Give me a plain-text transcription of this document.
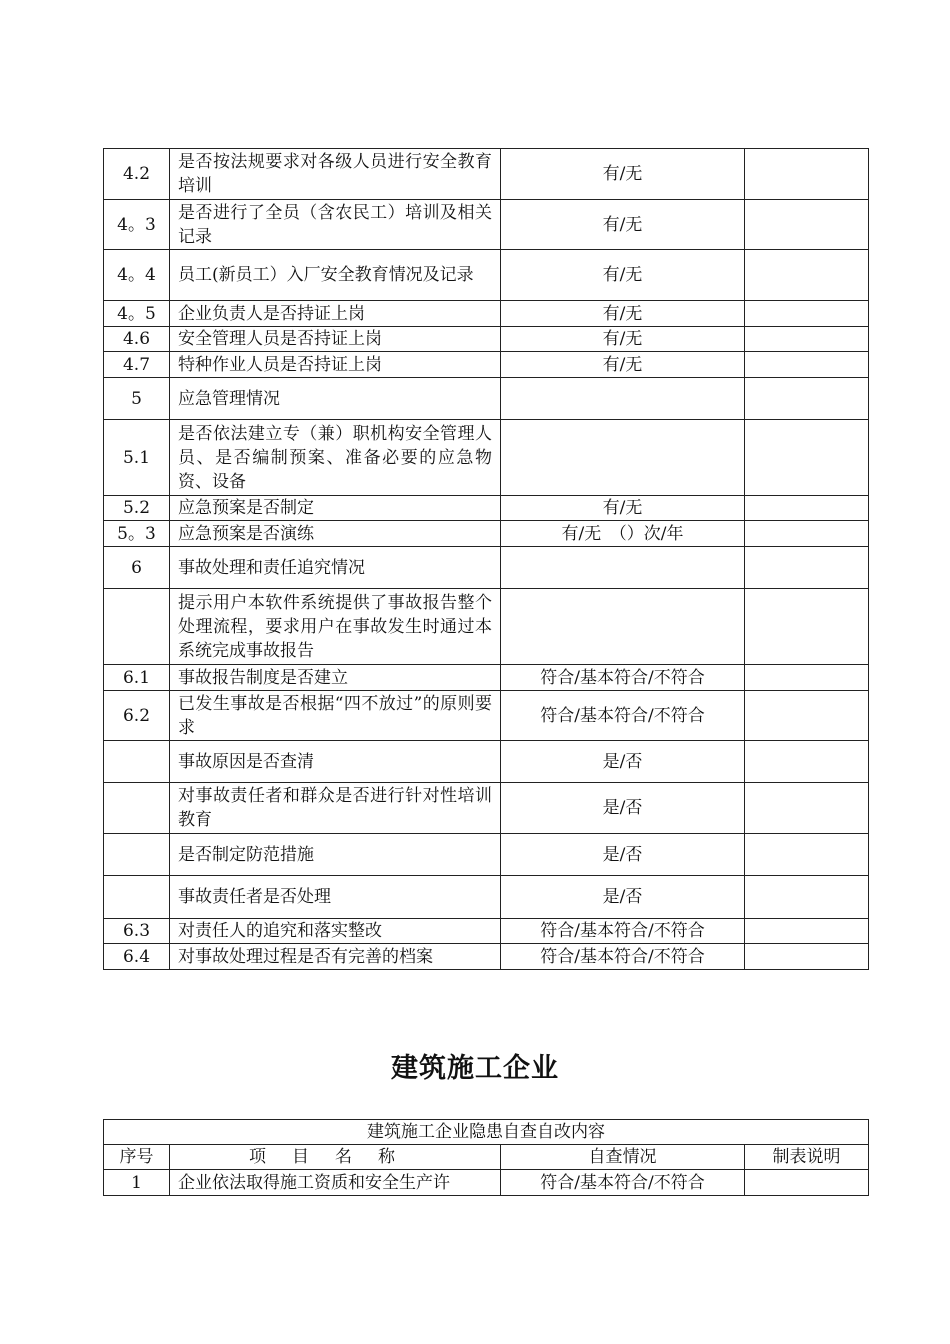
4.2	是否按法规要求对各级人员进行安全教育培训	有/无	
4。3	是否进行了全员（含农民工）培训及相关记录	有/无	
4。4	员工(新员工）入厂安全教育情况及记录	有/无	
4。5	企业负责人是否持证上岗	有/无	
4.6	安全管理人员是否持证上岗	有/无	
4.7	特种作业人员是否持证上岗	有/无	
5	应急管理情况		
5.1	是否依法建立专（兼）职机构安全管理人员、是否编制预案、准备必要的应急物资、设备		
5.2	应急预案是否制定	有/无	
5。3	应急预案是否演练	有/无　（）次/年	
6	事故处理和责任追究情况		
	提示用户本软件系统提供了事故报告整个处理流程，要求用户在事故发生时通过本系统完成事故报告		
6.1	事故报告制度是否建立	符合/基本符合/不符合	
6.2	已发生事故是否根据“四不放过”的原则要求	符合/基本符合/不符合	
	事故原因是否查清	是/否	
	对事故责任者和群众是否进行针对性培训教育	是/否	
	是否制定防范措施	是/否	
	事故责任者是否处理	是/否	
6.3	对责任人的追究和落实整改	符合/基本符合/不符合	
6.4	对事故处理过程是否有完善的档案	符合/基本符合/不符合	
建筑施工企业
建筑施工企业隐患自查自改内容			
序号	项目名称	自查情况	制表说明
1	企业依法取得施工资质和安全生产许	符合/基本符合/不符合	
